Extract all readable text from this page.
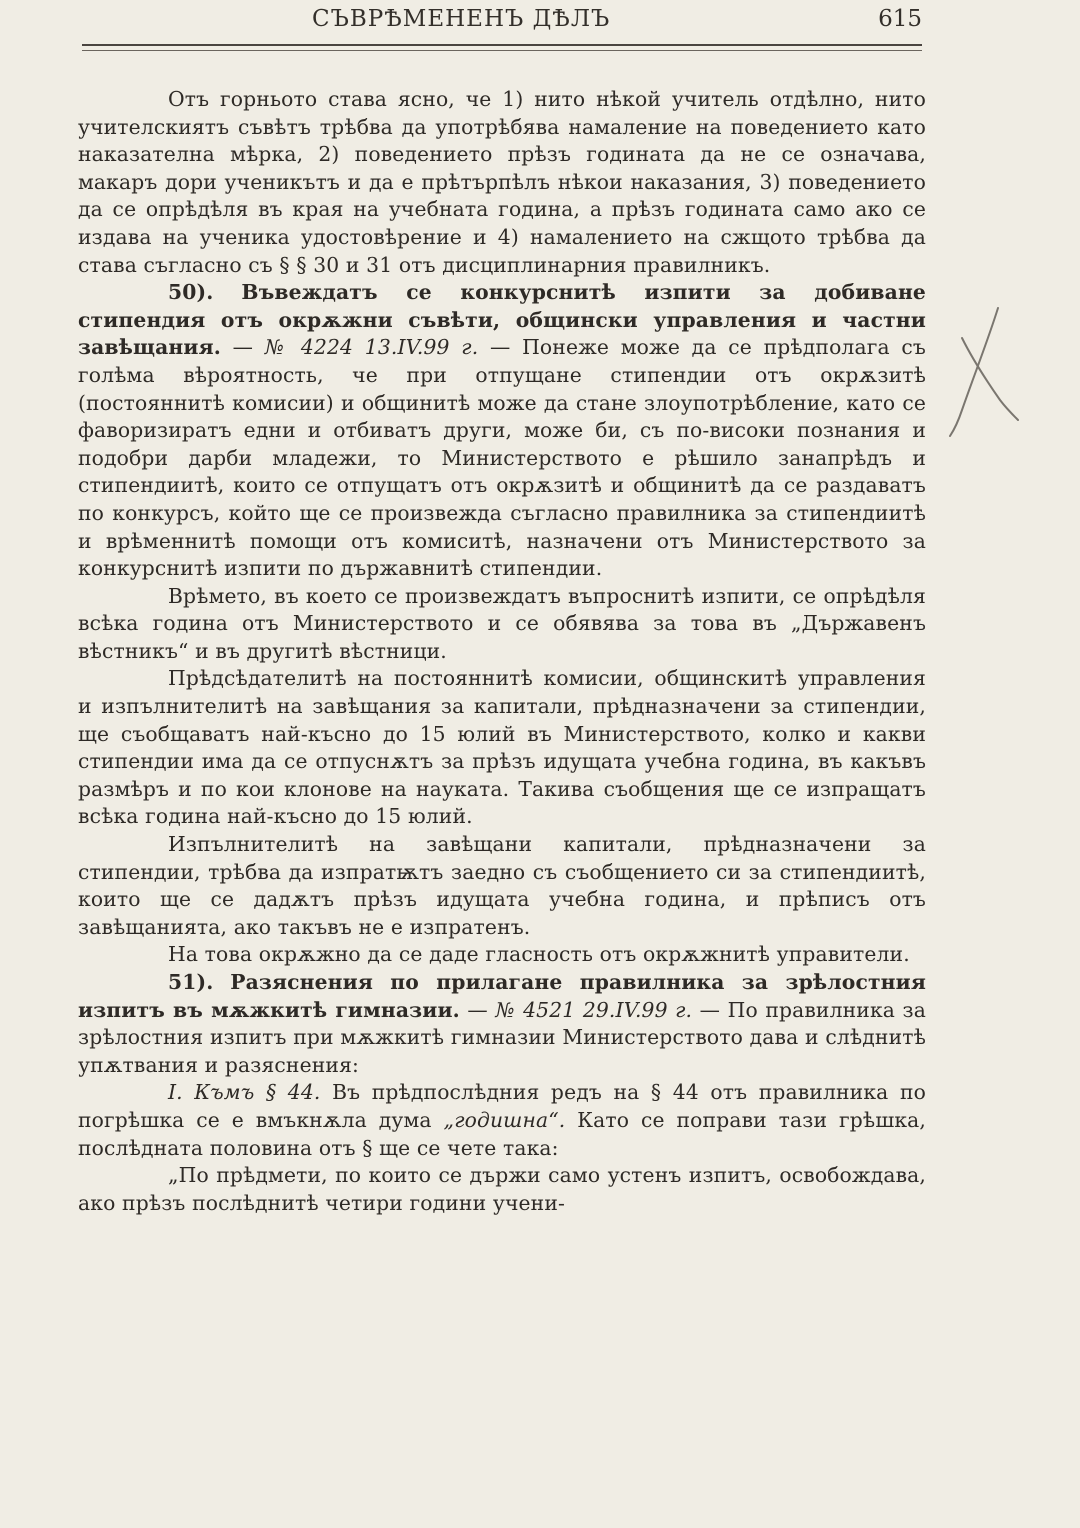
СЪВРѢМЕНЕНЪ ДѢЛЪ	615

Отъ горньото става ясно, че 1) нито нѣкой учитель отдѣлно, нито учителскиятъ съвѣтъ трѣбва да употрѣбява намаление на поведението като наказателна мѣрка, 2) поведението прѣзъ годината да не се означава, макаръ дори ученикътъ и да е прѣтърпѣлъ нѣкои наказания, 3) поведението да се опрѣдѣля въ края на учебната година, а прѣзъ годината само ако се издава на ученика удостовѣрение и 4) намалението на сжщото трѣбва да става съгласно съ § § 30 и 31 отъ дисциплинарния правилникъ.

50). Въвеждатъ се конкурснитѣ изпити за добиване стипендия отъ окрѫжни съвѣти, общински управления и частни завѣщания. — № 4224 13.IV.99 г. — Понеже може да се прѣдполага съ голѣма вѣроятность, че при отпущане стипендии отъ окрѫзитѣ (постояннитѣ комисии) и общинитѣ може да стане злоупотрѣбление, като се фаворизиратъ едни и отбиватъ други, може би, съ по-високи познания и подобри дарби младежи, то Министерството е рѣшило занапрѣдъ и стипендиитѣ, които се отпущатъ отъ окрѫзитѣ и общинитѣ да се раздаватъ по конкурсъ, който ще се произвежда съгласно правилника за стипендиитѣ и врѣменнитѣ помощи отъ комиситѣ, назначени отъ Министерството за конкурснитѣ изпити по държавнитѣ стипендии.

Врѣмето, въ което се произвеждатъ въпроснитѣ изпити, се опрѣдѣля всѣка година отъ Министерството и се обявява за това въ „Държавенъ вѣстникъ“ и въ другитѣ вѣстници.

Прѣдсѣдателитѣ на постояннитѣ комисии, общинскитѣ управления и изпълнителитѣ на завѣщания за капитали, прѣдназначени за стипендии, ще съобщаватъ най-късно до 15 юлий въ Министерството, колко и какви стипендии има да се отпуснѫтъ за прѣзъ идущата учебна година, въ какъвъ размѣръ и по кои клонове на науката. Такива съобщения ще се изпращатъ всѣка година най-късно до 15 юлий.

Изпълнителитѣ на завѣщани капитали, прѣдназначени за стипендии, трѣбва да изпратѭтъ заедно съ съобщението си за стипендиитѣ, които ще се дадѫтъ прѣзъ идущата учебна година, и прѣписъ отъ завѣщанията, ако такъвъ не е изпратенъ.

На това окрѫжно да се даде гласность отъ окрѫжнитѣ управители.

51). Разяснения по прилагане правилника за зрѣлостния изпитъ въ мѫжкитѣ гимназии. — № 4521 29.IV.99 г. — По правилника за зрѣлостния изпитъ при мѫжкитѣ гимназии Министерството дава и слѣднитѣ упѫтвания и разяснения:

I. Къмъ § 44. Въ прѣдпослѣдния редъ на § 44 отъ правилника по погрѣшка се е вмъкнѫла дума „годишна“. Като се поправи тази грѣшка, послѣдната половина отъ § ще се чете така:

„По прѣдмети, по които се държи само устенъ изпитъ, освобождава, ако прѣзъ послѣднитѣ четири години учени-
